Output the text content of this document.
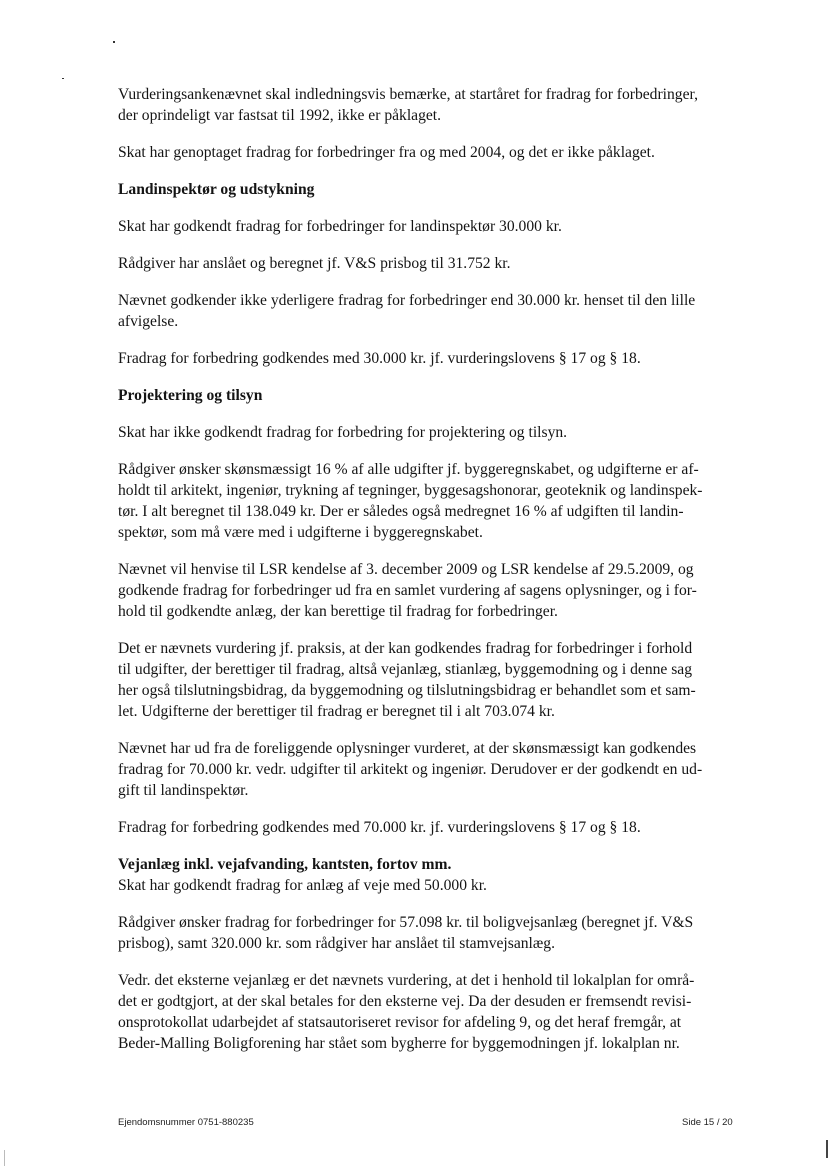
Vurderingsankenævnet skal indledningsvis bemærke, at startåret for fradrag for forbedringer,
der oprindeligt var fastsat til 1992, ikke er påklaget.

Skat har genoptaget fradrag for forbedringer fra og med 2004, og det er ikke påklaget.

Landinspektør og udstykning

Skat har godkendt fradrag for forbedringer for landinspektør 30.000 kr.

Rådgiver har anslået og beregnet jf. V&S prisbog til 31.752 kr.

Nævnet godkender ikke yderligere fradrag for forbedringer end 30.000 kr. henset til den lille
afvigelse.

Fradrag for forbedring godkendes med 30.000 kr. jf. vurderingslovens § 17 og § 18.

Projektering og tilsyn

Skat har ikke godkendt fradrag for forbedring for projektering og tilsyn.

Rådgiver ønsker skønsmæssigt 16 % af alle udgifter jf. byggeregnskabet, og udgifterne er af-
holdt til arkitekt, ingeniør, trykning af tegninger, byggesagshonorar, geoteknik og landinspek-
tør. I alt beregnet til 138.049 kr. Der er således også medregnet 16 % af udgiften til landin-
spektør, som må være med i udgifterne i byggeregnskabet.

Nævnet vil henvise til LSR kendelse af 3. december 2009 og LSR kendelse af 29.5.2009, og
godkende fradrag for forbedringer ud fra en samlet vurdering af sagens oplysninger, og i for-
hold til godkendte anlæg, der kan berettige til fradrag for forbedringer.

Det er nævnets vurdering jf. praksis, at der kan godkendes fradrag for forbedringer i forhold
til udgifter, der berettiger til fradrag, altså vejanlæg, stianlæg, byggemodning og i denne sag
her også tilslutningsbidrag, da byggemodning og tilslutningsbidrag er behandlet som et sam-
let. Udgifterne der berettiger til fradrag er beregnet til i alt 703.074 kr.

Nævnet har ud fra de foreliggende oplysninger vurderet, at der skønsmæssigt kan godkendes
fradrag for 70.000 kr. vedr. udgifter til arkitekt og ingeniør. Derudover er der godkendt en ud-
gift til landinspektør.

Fradrag for forbedring godkendes med 70.000 kr. jf. vurderingslovens § 17 og § 18.

Vejanlæg inkl. vejafvanding, kantsten, fortov mm.

Skat har godkendt fradrag for anlæg af veje med 50.000 kr.

Rådgiver ønsker fradrag for forbedringer for 57.098 kr. til boligvejsanlæg (beregnet jf. V&S
prisbog), samt 320.000 kr. som rådgiver har anslået til stamvejsanlæg.

Vedr. det eksterne vejanlæg er det nævnets vurdering, at det i henhold til lokalplan for områ-
det er godtgjort, at der skal betales for den eksterne vej. Da der desuden er fremsendt revisi-
onsprotokollat udarbejdet af statsautoriseret revisor for afdeling 9, og det heraf fremgår, at
Beder-Malling Boligforening har stået som bygherre for byggemodningen jf. lokalplan nr.

Ejendomsnummer 0751-880235	Side 15 / 20
